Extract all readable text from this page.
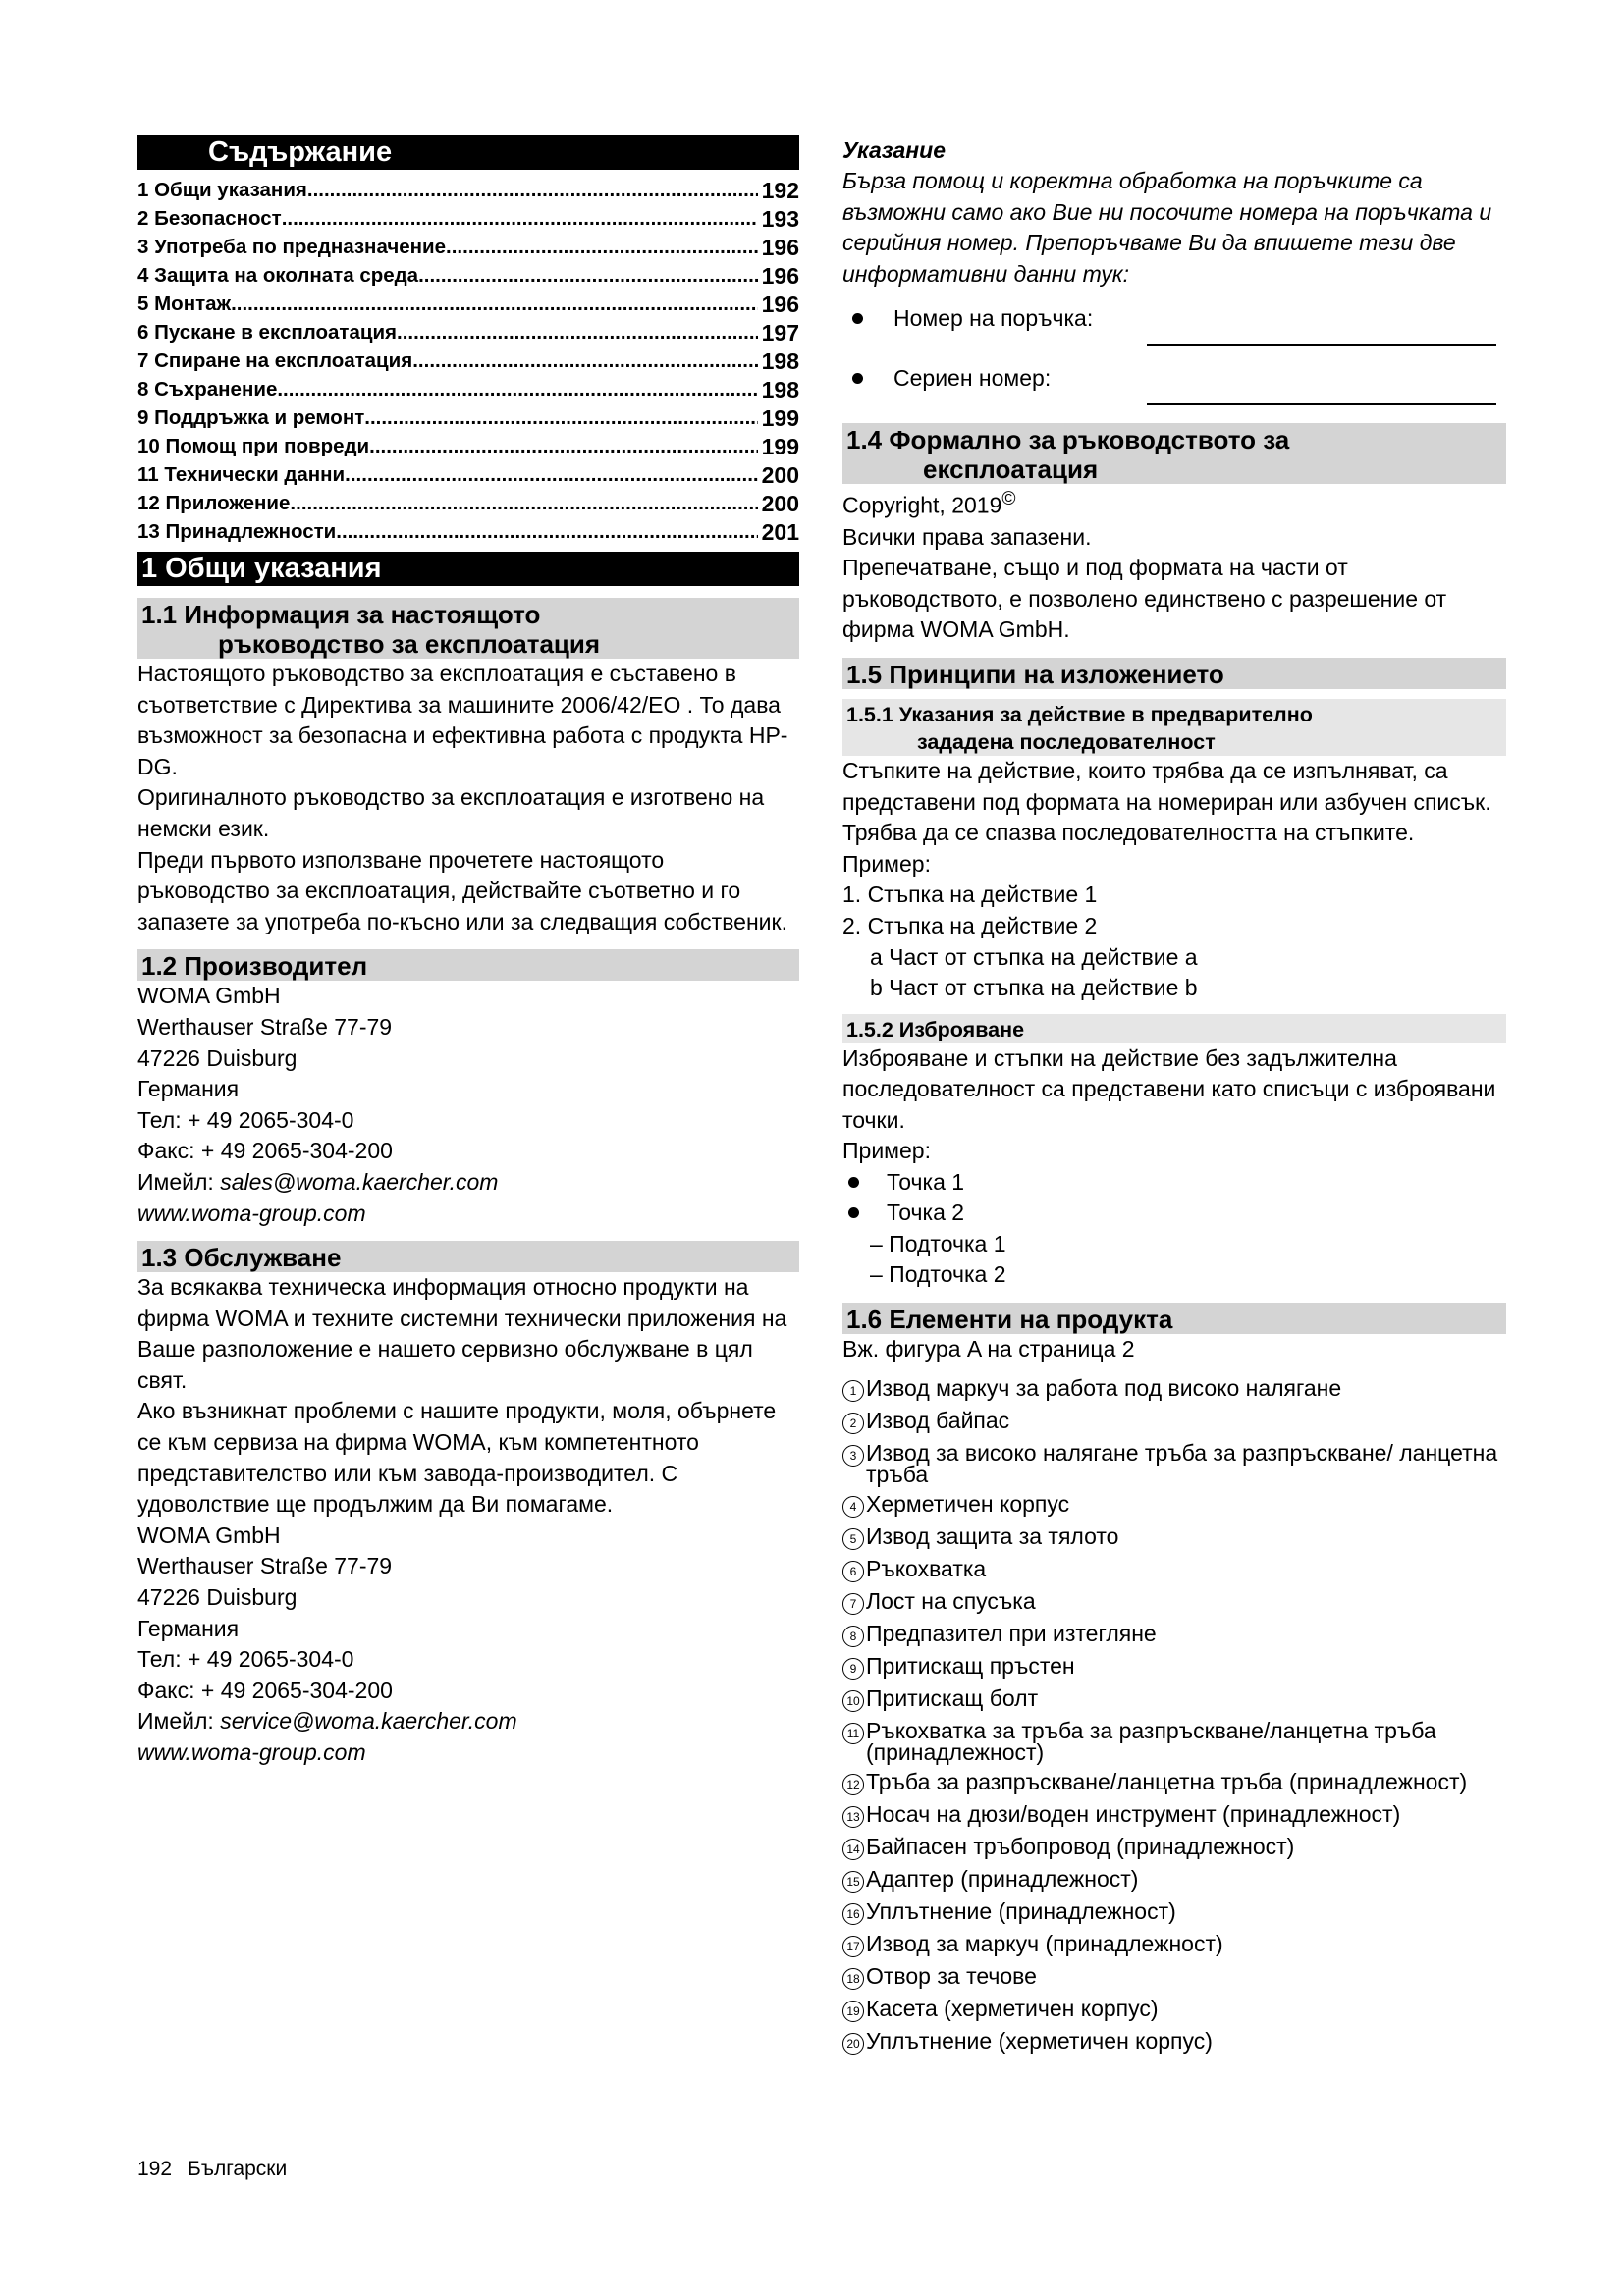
Съдържание
1 Общи указания .....	192
2 Безопасност .....	193
3 Употреба по предназначение .....	196
4 Защита на околната среда .....	196
5 Монтаж .....	196
6 Пускане в експлоатация .....	197
7 Спиране на експлоатация .....	198
8 Съхранение .....	198
9 Поддръжка и ремонт .....	199
10 Помощ при повреди .....	199
11 Технически данни .....	200
12 Приложение .....	200
13 Принадлежности .....	201
1 Общи указания
1.1 Информация за настоящото
ръководство за експлоатация
Настоящото ръководство за експлоатация е съставено в съответствие с Директива за машините 2006/42/EO . То дава възможност за безопасна и ефективна работа с продукта HP-DG.
Оригиналното ръководство за експлоатация е изготвено на немски език.
Преди първото използване прочетете настоящото ръководство за експлоатация, действайте съответно и го запазете за употреба по-късно или за следващия собственик.
1.2 Производител
WOMA GmbH
Werthauser Straße 77-79
47226 Duisburg
Германия
Тел: + 49 2065-304-0
Факс: + 49 2065-304-200
Имейл: sales@woma.kaercher.com
www.woma-group.com
1.3 Обслужване
За всякаква техническа информация относно продукти на фирма WOMA и техните системни технически приложения на Ваше разположение е нашето сервизно обслужване в цял свят.
Ако възникнат проблеми с нашите продукти, моля, обърнете се към сервиза на фирма WOMA, към компетентното представителство или към завода-производител. С удоволствие ще продължим да Ви помагаме.
WOMA GmbH
Werthauser Straße 77-79
47226 Duisburg
Германия
Тел: + 49 2065-304-0
Факс: + 49 2065-304-200
Имейл: service@woma.kaercher.com
www.woma-group.com
Указание
Бърза помощ и коректна обработка на поръчките са възможни само ако Вие ни посочите номера на поръчката и серийния номер. Препоръчваме Ви да впишете тези две информативни данни тук:
Номер на поръчка:
Сериен номер:
1.4 Формално за ръководството за
експлоатация
Copyright, 2019©
Всички права запазени.
Препечатване, също и под формата на части от ръководството, е позволено единствено с разрешение от фирма WOMA GmbH.
1.5 Принципи на изложението
1.5.1 Указания за действие в предварително
зададена последователност
Стъпките на действие, които трябва да се изпълняват, са представени под формата на номериран или азбучен списък. Трябва да се спазва последователността на стъпките.
Пример:
1. Стъпка на действие 1
2. Стъпка на действие 2
a Част от стъпка на действие a
b Част от стъпка на действие b
1.5.2 Изброяване
Изброяване и стъпки на действие без задължителна последователност са представени като списъци с изброявани точки.
Пример:
Точка 1
Точка 2
– Подточка 1
– Подточка 2
1.6 Елементи на продукта
Вж. фигура A на страница 2
1 Извод маркуч за работа под високо налягане
2 Извод байпас
3 Извод за високо налягане тръба за разпръскване/ ланцетна тръба
4 Херметичен корпус
5 Извод защита за тялото
6 Ръкохватка
7 Лост на спусъка
8 Предпазител при изтегляне
9 Притискащ пръстен
10 Притискащ болт
11 Ръкохватка за тръба за разпръскване/ланцетна тръба (принадлежност)
12 Тръба за разпръскване/ланцетна тръба (принадлежност)
13 Носач на дюзи/воден инструмент (принадлежност)
14 Байпасен тръбопровод (принадлежност)
15 Адаптер (принадлежност)
16 Уплътнение (принадлежност)
17 Извод за маркуч (принадлежност)
18 Отвор за течове
19 Касета (херметичен корпус)
20 Уплътнение (херметичен корпус)
192 Български
